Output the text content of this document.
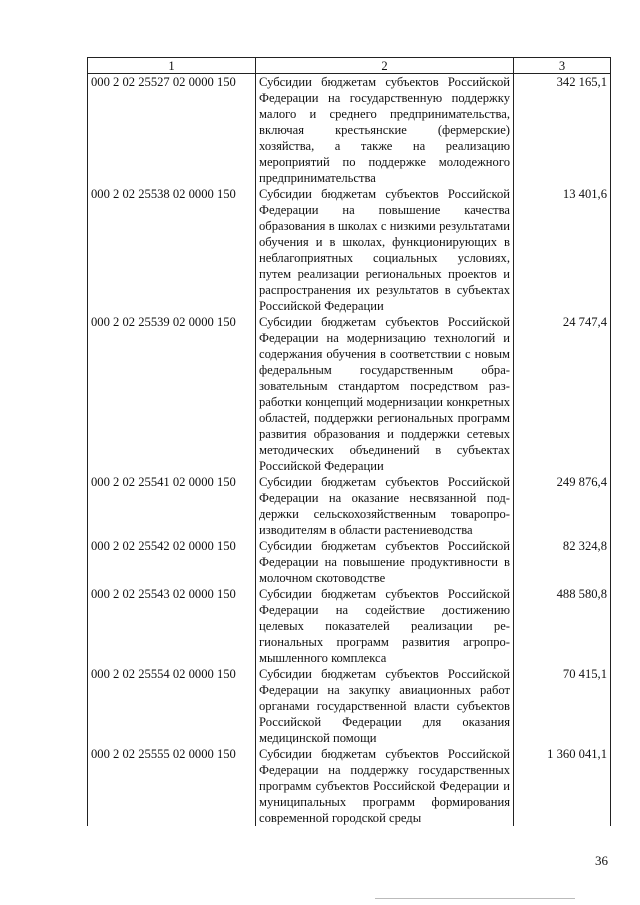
1	2	3
000 2 02 25527 02 0000 150	Субсидии бюджетам субъектов Российской Федерации на государственную поддержку малого и среднего предпринимательства, включая крестьянские (фермерские) хозяйства, а также на реализацию мероприятий по поддержке молодежного предпринимательства	342 165,1
000 2 02 25538 02 0000 150	Субсидии бюджетам субъектов Российской Федерации на повышение качества образования в школах с низкими результатами обучения и в школах, функционирующих в неблагоприятных социальных условиях, путем реализации региональных проектов и распространения их результатов в субъектах Российской Федерации	13 401,6
000 2 02 25539 02 0000 150	Субсидии бюджетам субъектов Российской Федерации на модернизацию технологий и содержания обучения в соответствии с новым федеральным государственным образовательным стандартом посредством разработки концепций модернизации конкретных областей, поддержки региональных программ развития образования и поддержки сетевых методических объединений в субъектах Российской Федерации	24 747,4
000 2 02 25541 02 0000 150	Субсидии бюджетам субъектов Российской Федерации на оказание несвязанной поддержки сельскохозяйственным товаропроизводителям в области растениеводства	249 876,4
000 2 02 25542 02 0000 150	Субсидии бюджетам субъектов Российской Федерации на повышение продуктивности в молочном скотоводстве	82 324,8
000 2 02 25543 02 0000 150	Субсидии бюджетам субъектов Российской Федерации на содействие достижению целевых показателей реализации региональных программ развития агропромышленного комплекса	488 580,8
000 2 02 25554 02 0000 150	Субсидии бюджетам субъектов Российской Федерации на закупку авиационных работ органами государственной власти субъектов Российской Федерации для оказания медицинской помощи	70 415,1
000 2 02 25555 02 0000 150	Субсидии бюджетам субъектов Российской Федерации на поддержку государственных программ субъектов Российской Федерации и муниципальных программ формирования современной городской среды	1 360 041,1
36
